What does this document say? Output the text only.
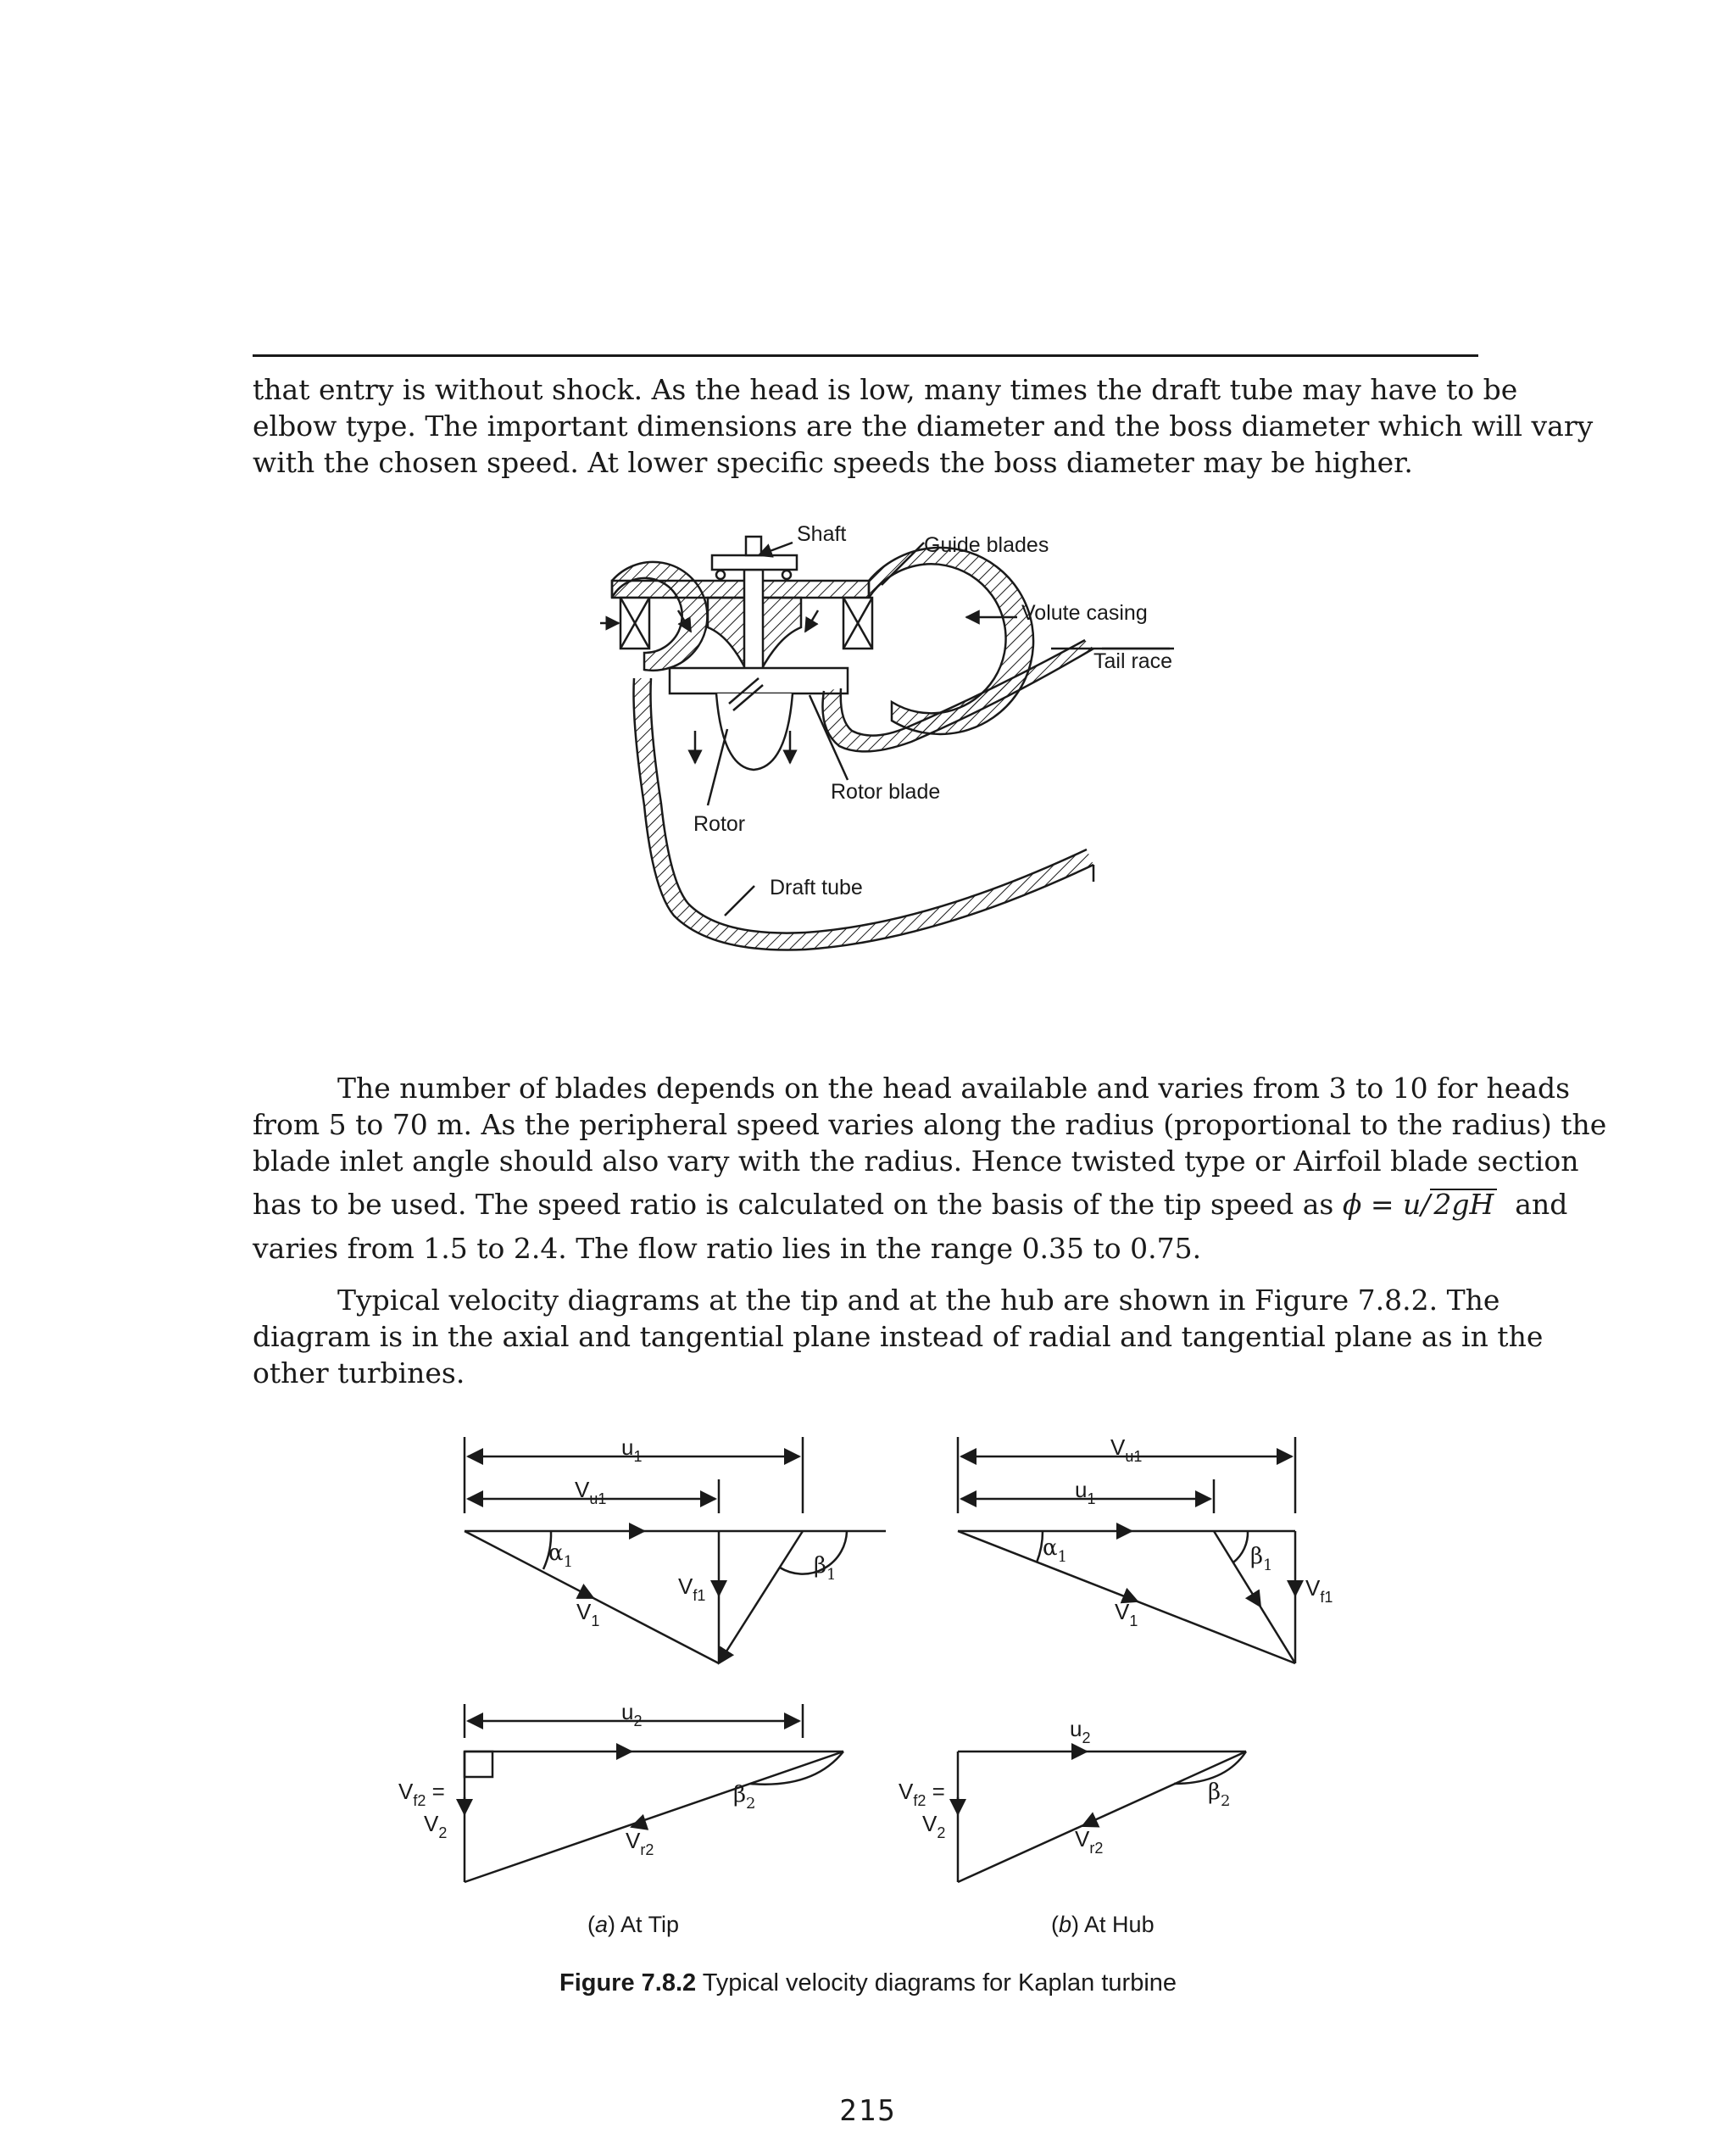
that entry is without shock. As the head is low, many times the draft tube may have to be
elbow type. The important dimensions are the diameter and the boss diameter which will vary
with the chosen speed. At lower specific speeds the boss diameter may be higher.

Shaft	Guide blades
Volute casing
Tail race
Rotor blade
Rotor
Draft tube

The number of blades depends on the head available and varies from 3 to 10 for heads
from 5 to 70 m. As the peripheral speed varies along the radius (proportional to the radius) the
blade inlet angle should also vary with the radius. Hence twisted type or Airfoil blade section
has to be used. The speed ratio is calculated on the basis of the tip speed as ϕ = u/ 2gH and
varies from 1.5 to 2.4. The flow ratio lies in the range 0.35 to 0.75.

Typical velocity diagrams at the tip and at the hub are shown in Figure 7.8.2. The
diagram is in the axial and tangential plane instead of radial and tangential plane as in the
other turbines.

$u_1$
$V_{u1}$
$\alpha_1$	$\beta_1$
$V_{f1}$
$V_1$
$u_2$
$V_{f2}$ =
$V_2$
$\beta_2$
$V_{r2}$
$V_{u1}$
$u_1$
$\alpha_1$	$\beta_1$
$V_{f1}$
$V_1$
$u_2$
$V_{f2}$ =
$V_2$
$\beta_2$
$V_{r2}$
(a) At Tip	(b) At Hub
Figure 7.8.2 Typical velocity diagrams for Kaplan turbine
215
